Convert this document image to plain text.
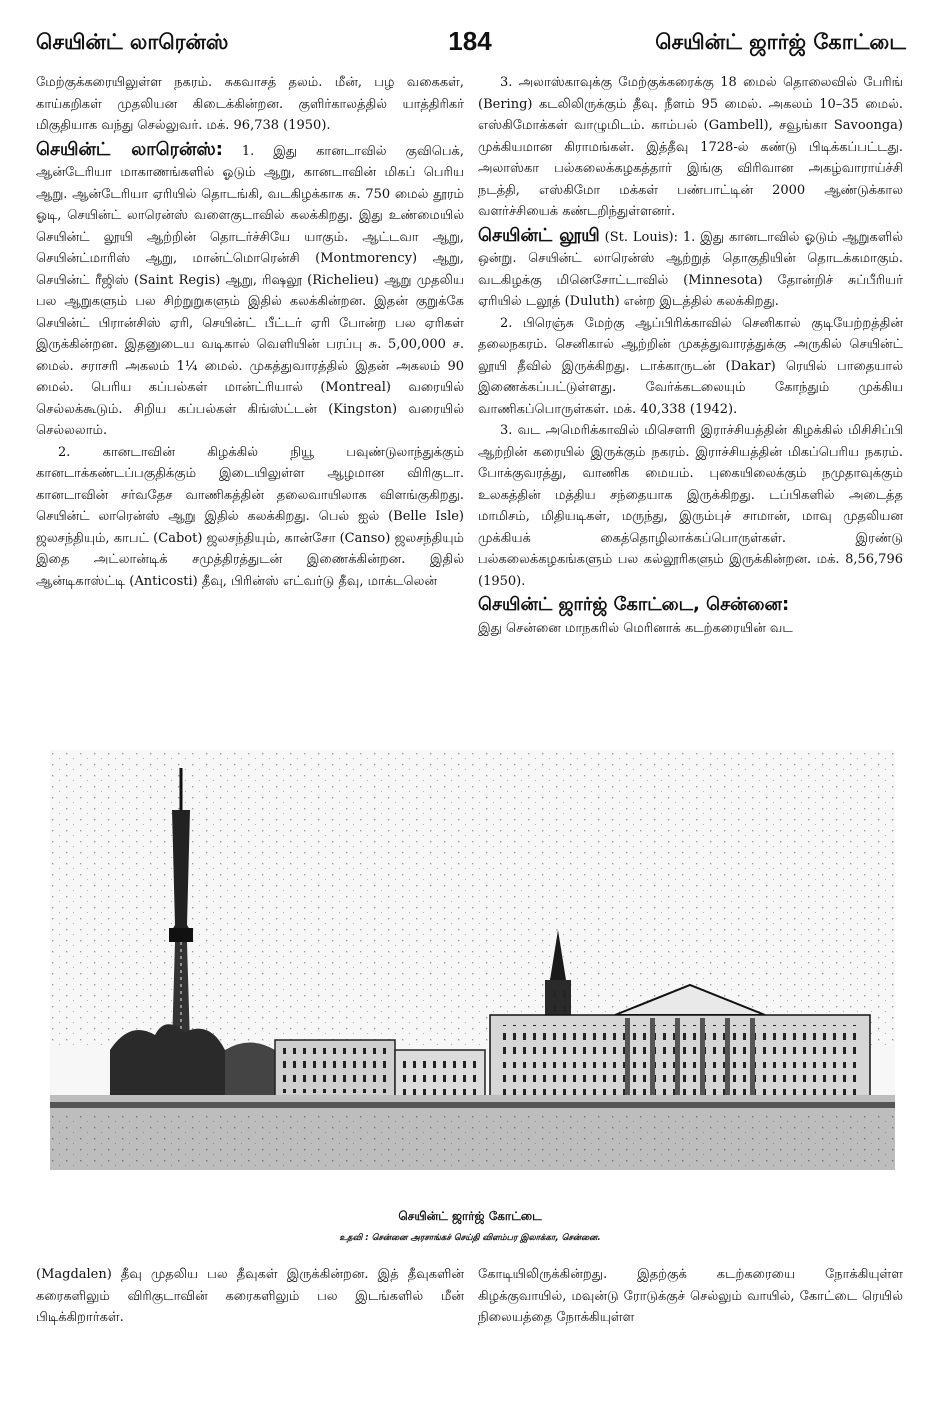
செயின்ட் லாரென்ஸ்	184	செயின்ட் ஜார்ஜ் கோட்டை

மேற்குக்கரையிலுள்ள நகரம். சுகவாசத் தலம். மீன், பழ வகைகள், காய்கறிகள் முதலியன கிடைக்கின்றன. குளிர்காலத்தில் யாத்திரிகர் மிகுதியாக வந்து செல்லுவர். மக். 96,738 (1950).

செயின்ட் லாரென்ஸ்: 1. இது கானடாவில் குவிபெக், ஆன்டேரியா மாகாணங்களில் ஓடும் ஆறு, கானடாவின் மிகப் பெரிய ஆறு. ஆன்டேரியா ஏரியில் தொடங்கி, வடகிழக்காக சு. 750 மைல் தூரம் ஓடி, செயின்ட் லாரென்ஸ் வளைகுடாவில் கலக்கிறது. இது உண்மையில் செயின்ட் லூயி ஆற்றின் தொடர்ச்சியே யாகும். ஆட்டவா ஆறு, செயின்ட்மாரிஸ் ஆறு, மான்ட்மொரென்சி (Montmorency) ஆறு, செயின்ட் ரீஜிஸ் (Saint Regis) ஆறு, ரிஷலூ (Richelieu) ஆறு முதலிய பல ஆறுகளும் பல சிற்றுறுகளும் இதில் கலக்கின்றன. இதன் குறுக்கே செயின்ட் பிரான்சிஸ் ஏரி, செயின்ட் பீட்டர் ஏரி போன்ற பல ஏரிகள் இருக்கின்றன. இதனுடைய வடிகால் வெளியின் பரப்பு சு. 5,00,000 ச. மைல். சராசரி அகலம் 1¼ மைல். முகத்துவாரத்தில் இதன் அகலம் 90 மைல். பெரிய கப்பல்கள் மான்ட்ரியால் (Montreal) வரையில் செல்லக்கூடும். சிறிய கப்பல்கள் கிங்ஸ்ட்டன் (Kingston) வரையில் செல்லலாம்.

2. கானடாவின் கிழக்கில் நியூ பவுண்டுலாந்துக்கும் கானடாக்கண்டப்பகுதிக்கும் இடையிலுள்ள ஆழமான விரிகுடா. கானடாவின் சர்வதேச வாணிகத்தின் தலைவாயிலாக விளங்குகிறது. செயின்ட் லாரென்ஸ் ஆறு இதில் கலக்கிறது. பெல் ஐல் (Belle Isle) ஜலசந்தியும், காபட் (Cabot) ஜலசந்தியும், கான்சோ (Canso) ஜலசந்தியும் இதை அட்லான்டிக் சமுத்திரத்துடன் இணைக்கின்றன. இதில் ஆன்டிகாஸ்ட்டி (Anticosti) தீவு, பிரின்ஸ் எட்வர்டு தீவு, மாக்டலென்

3. அலாஸ்காவுக்கு மேற்குக்கரைக்கு 18 மைல் தொலைவில் பேரிங் (Bering) கடலிலிருக்கும் தீவு. நீளம் 95 மைல். அகலம் 10–35 மைல். எஸ்கிமோக்கள் வாழுமிடம். காம்பல் (Gambell), சவூங்கா Savoonga) முக்கியமான கிராமங்கள். இத்தீவு 1728-ல் கண்டு பிடிக்கப்பட்டது. அலாஸ்கா பல்கலைக்கழகத்தார் இங்கு விரிவான அகழ்வாராய்ச்சி நடத்தி, எஸ்கிமோ மக்கள் பண்பாட்டின் 2000 ஆண்டுக்கால வளர்ச்சியைக் கண்டறிந்துள்ளனர்.

செயின்ட் லூயி (St. Louis): 1. இது கானடாவில் ஓடும் ஆறுகளில் ஒன்று. செயின்ட் லாரென்ஸ் ஆற்றுத் தொகுதியின் தொடக்கமாகும். வடகிழக்கு மினெசோட்டாவில் (Minnesota) தோன்றிச் சுப்பீரியர் ஏரியில் டலூத் (Duluth) என்ற இடத்தில் கலக்கிறது.

2. பிரெஞ்சு மேற்கு ஆப்பிரிக்காவில் செனிகால் குடியேற்றத்தின் தலைநகரம். செனிகால் ஆற்றின் முகத்துவாரத்துக்கு அருகில் செயின்ட் லூயி தீவில் இருக்கிறது. டாக்காருடன் (Dakar) ரெயில் பாதையால் இணைக்கப்பட்டுள்ளது. வேர்க்கடலையும் கோந்தும் முக்கிய வாணிகப்பொருள்கள். மக். 40,338 (1942).

3. வட அமெரிக்காவில் மிசௌரி இராச்சியத்தின் கிழக்கில் மிசிசிப்பி ஆற்றின் கரையில் இருக்கும் நகரம். இராச்சியத்தின் மிகப்பெரிய நகரம். போக்குவரத்து, வாணிக மையம். புகையிலைக்கும் நமுதாவுக்கும் உலகத்தின் மத்திய சந்தையாக இருக்கிறது. டப்பிகளில் அடைத்த மாமிசம், மிதியடிகள், மருந்து, இரும்புச் சாமான், மாவு முதலியன முக்கியக் கைத்தொழிலாக்கப்பொருள்கள். இரண்டு பல்கலைக்கழகங்களும் பல கல்லூரிகளும் இருக்கின்றன. மக். 8,56,796 (1950).

செயின்ட் ஜார்ஜ் கோட்டை, சென்னை:
இது சென்னை மாநகரில் மெரினாக் கடற்கரையின் வட

செயின்ட் ஜார்ஜ் கோட்டை
உதவி : சென்னை அரசாங்கச் செய்தி விளம்பர இலாக்கா, சென்னை.

(Magdalen) தீவு முதலிய பல தீவுகள் இருக்கின்றன. இத் தீவுகளின் கரைகளிலும் விரிகுடாவின் கரைகளிலும் பல இடங்களில் மீன் பிடிக்கிறார்கள்.

கோடியிலிருக்கின்றது. இதற்குக் கடற்கரையை நோக்கியுள்ள கிழக்குவாயில், மவுன்டு ரோடுக்குச் செல்லும் வாயில், கோட்டை ரெயில் நிலையத்தை நோக்கியுள்ள
